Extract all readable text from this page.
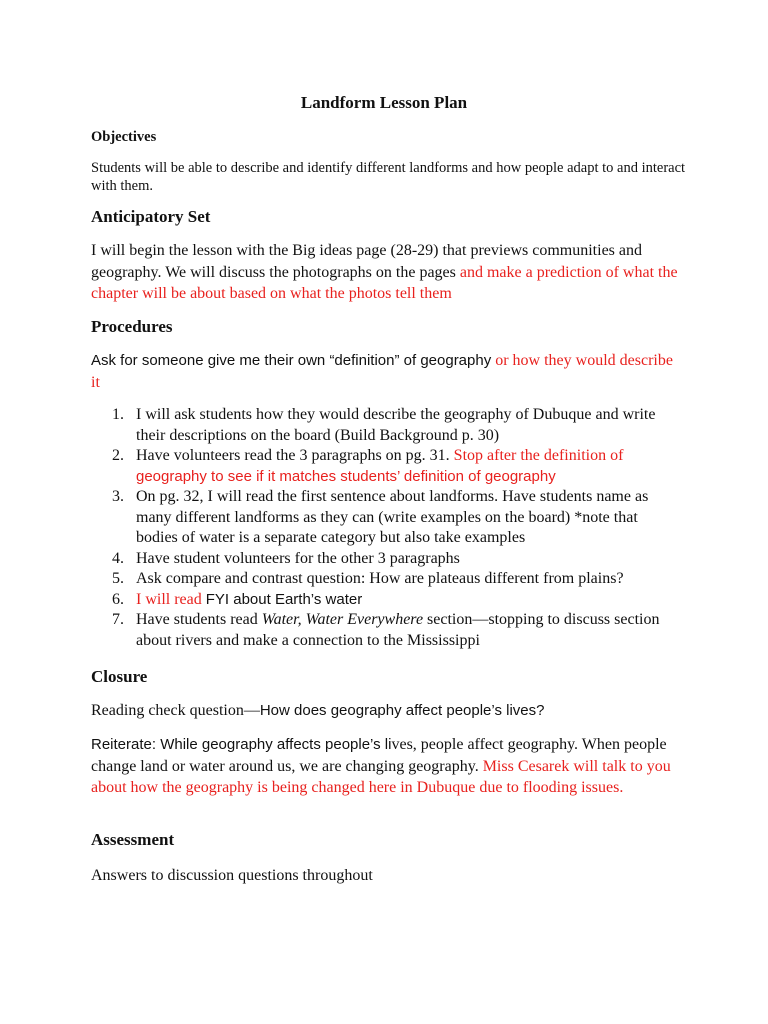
Landform Lesson Plan
Objectives
Students will be able to describe and identify different landforms and how people adapt to and interact with them.
Anticipatory Set
I will begin the lesson with the Big ideas page (28-29) that previews communities and geography. We will discuss the photographs on the pages and make a prediction of what the chapter will be about based on what the photos tell them
Procedures
Ask for someone give me their own “definition” of geography or how they would describe it
1. I will ask students how they would describe the geography of Dubuque and write their descriptions on the board (Build Background p. 30)
2. Have volunteers read the 3 paragraphs on pg. 31. Stop after the definition of geography to see if it matches students’ definition of geography
3. On pg. 32, I will read the first sentence about landforms. Have students name as many different landforms as they can (write examples on the board) *note that bodies of water is a separate category but also take examples
4. Have student volunteers for the other 3 paragraphs
5. Ask compare and contrast question: How are plateaus different from plains?
6. I will read FYI about Earth’s water
7. Have students read Water, Water Everywhere section—stopping to discuss section about rivers and make a connection to the Mississippi
Closure
Reading check question—How does geography affect people’s lives?
Reiterate: While geography affects people’s lives, people affect geography. When people change land or water around us, we are changing geography. Miss Cesarek will talk to you about how the geography is being changed here in Dubuque due to flooding issues.
Assessment
Answers to discussion questions throughout
